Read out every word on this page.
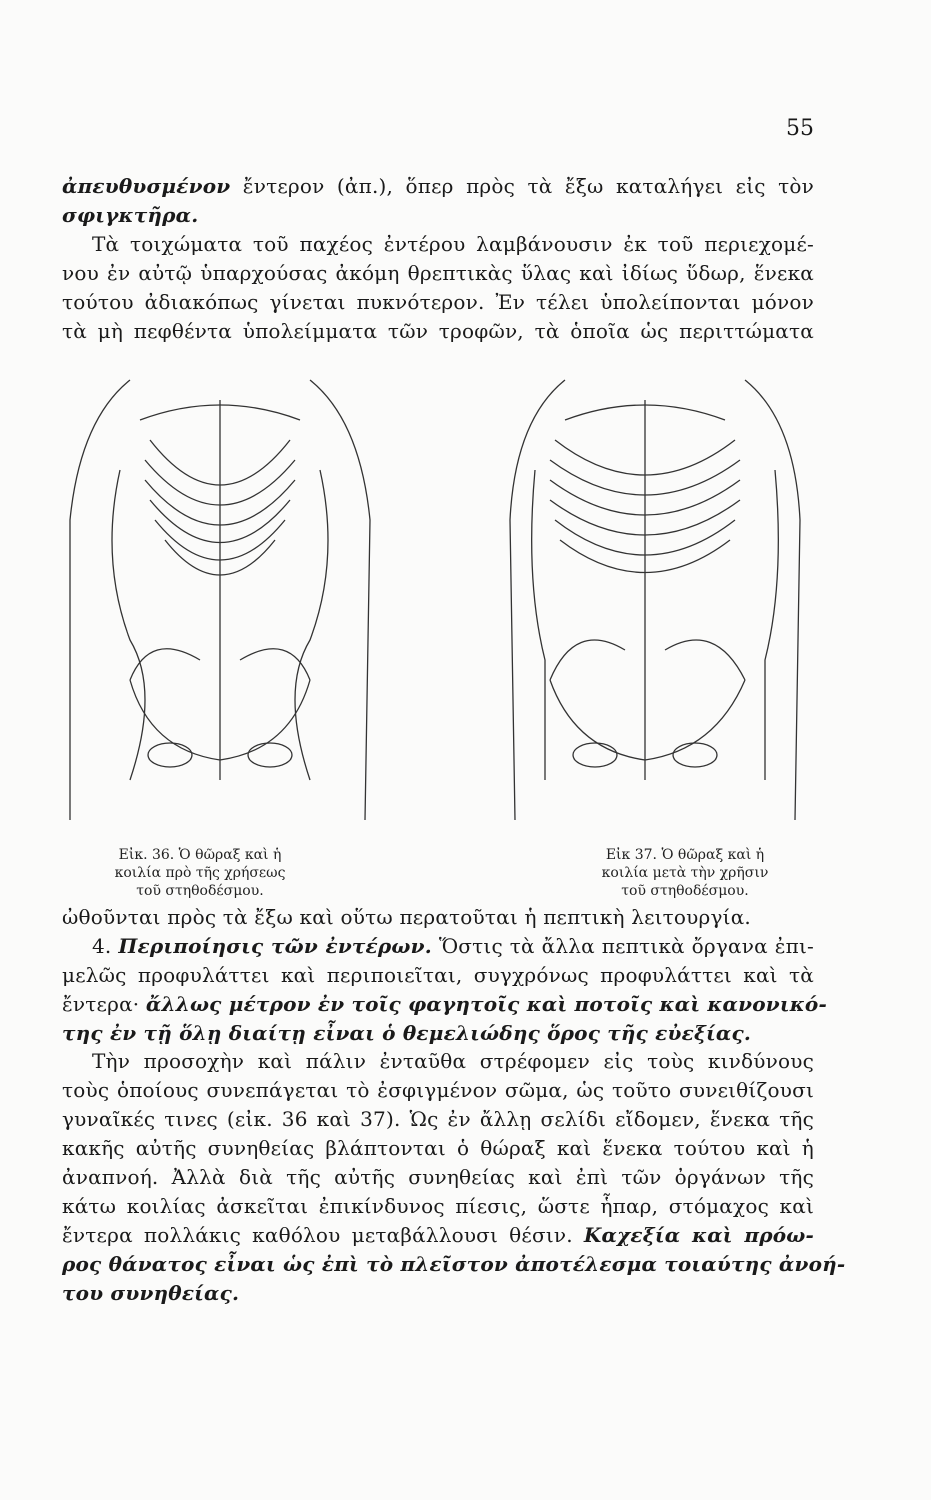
55
ἀπευθυσμένον ἔντερον (ἀπ.), ὅπερ πρὸς τὰ ἔξω καταλήγει εἰς τὸν
σφιγκτῆρα.
Τὰ τοιχώματα τοῦ παχέος ἐντέρου λαμβάνουσιν ἐκ τοῦ περιεχομέ-
νου ἐν αὐτῷ ὑπαρχούσας ἀκόμη θρεπτικὰς ὕλας καὶ ἰδίως ὕδωρ, ἕνεκα
τούτου ἀδιακόπως γίνεται πυκνότερον. Ἐν τέλει ὑπολείπονται μόνον
τὰ μὴ πεφθέντα ὑπολείμματα τῶν τροφῶν, τὰ ὁποῖα ὡς περιττώματα
Εἰκ. 36. Ὁ θῶραξ καὶ ἡ
κοιλία πρὸ τῆς χρήσεως
τοῦ στηθοδέσμου.
Εἰκ 37. Ὁ θῶραξ καὶ ἡ
κοιλία μετὰ τὴν χρῆσιν
τοῦ στηθοδέσμου.
ὠθοῦνται πρὸς τὰ ἔξω καὶ οὕτω περατοῦται ἡ πεπτικὴ λειτουργία.
4. Περιποίησις τῶν ἐντέρων. Ὅστις τὰ ἄλλα πεπτικὰ ὄργανα ἐπι-
μελῶς προφυλάττει καὶ περιποιεῖται, συγχρόνως προφυλάττει καὶ τὰ
ἔντερα· ἄλλως μέτρον ἐν τοῖς φαγητοῖς καὶ ποτοῖς καὶ κανονικό-
της ἐν τῇ ὅλῃ διαίτῃ εἶναι ὁ θεμελιώδης ὅρος τῆς εὐεξίας.
Τὴν προσοχὴν καὶ πάλιν ἐνταῦθα στρέφομεν εἰς τοὺς κινδύνους
τοὺς ὁποίους συνεπάγεται τὸ ἐσφιγμένον σῶμα, ὡς τοῦτο συνειθίζουσι
γυναῖκές τινες (εἰκ. 36 καὶ 37). Ὡς ἐν ἄλλῃ σελίδι εἴδομεν, ἕνεκα τῆς
κακῆς αὐτῆς συνηθείας βλάπτονται ὁ θώραξ καὶ ἕνεκα τούτου καὶ ἡ
ἀναπνοή. Ἀλλὰ διὰ τῆς αὐτῆς συνηθείας καὶ ἐπὶ τῶν ὀργάνων τῆς
κάτω κοιλίας ἀσκεῖται ἐπικίνδυνος πίεσις, ὥστε ἧπαρ, στόμαχος καὶ
ἔντερα πολλάκις καθόλου μεταβάλλουσι θέσιν. Καχεξία καὶ πρόω-
ρος θάνατος εἶναι ὡς ἐπὶ τὸ πλεῖστον ἀποτέλεσμα τοιαύτης ἀνοή-
του συνηθείας.
